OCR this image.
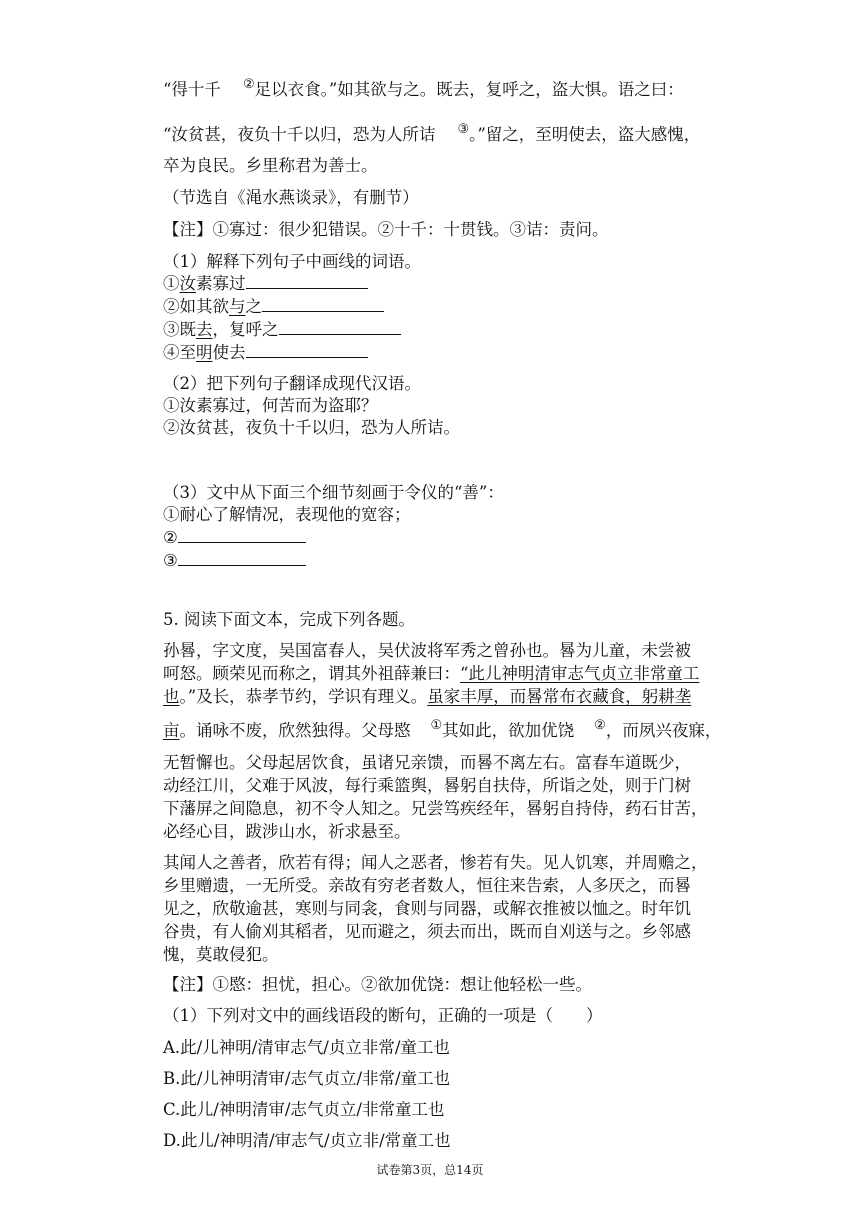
“得十千 ②足以衣食。”如其欲与之。既去，复呼之，盗大惧。语之曰：
“汝贫甚，夜负十千以归，恐为人所诘 ③。”留之，至明使去，盗大感愧，
卒为良民。乡里称君为善士。
（节选自《渑水燕谈录》，有删节）
【注】①寡过：很少犯错误。②十千：十贯钱。③诘：责问。
（1）解释下列句子中画线的词语。
①汝素寡过
②如其欲与之
③既去，复呼之
④至明使去
（2）把下列句子翻译成现代汉语。
①汝素寡过，何苦而为盗耶？
②汝贫甚，夜负十千以归，恐为人所诘。
（3）文中从下面三个细节刻画于令仪的“善”：
①耐心了解情况，表现他的宽容；
②
③
5. 阅读下面文本，完成下列各题。
孙晷，字文度，吴国富春人，吴伏波将军秀之曾孙也。晷为儿童，未尝被
呵怒。顾荣见而称之，谓其外祖薛兼曰：“此儿神明清审志气贞立非常童工
也。”及长，恭孝节约，学识有理义。虽家丰厚，而晷常布衣藏食，躬耕垄
亩。诵咏不废，欣然独得。父母愍 ①其如此，欲加优饶 ②，而夙兴夜寐，
无暂懈也。父母起居饮食，虽诸兄亲馈，而晷不离左右。富春车道既少，
动经江川，父难于风波，每行乘篮舆，晷躬自扶侍，所诣之处，则于门树
下藩屏之间隐息，初不令人知之。兄尝笃疾经年，晷躬自持侍，药石甘苦，
必经心目，跋涉山水，祈求悬至。
其闻人之善者，欣若有得；闻人之恶者，惨若有失。见人饥寒，并周赡之，
乡里赠遗，一无所受。亲故有穷老者数人，恒往来告索，人多厌之，而晷
见之，欣敬逾甚，寒则与同衾，食则与同器，或解衣推被以恤之。时年饥
谷贵，有人偷刈其稻者，见而避之，须去而出，既而自刈送与之。乡邻感
愧，莫敢侵犯。
【注】①愍：担忧，担心。②欲加优饶：想让他轻松一些。
（1）下列对文中的画线语段的断句，正确的一项是（　　）
A.此/儿神明/清审志气/贞立非常/童工也
B.此/儿神明清审/志气贞立/非常/童工也
C.此儿/神明清审/志气贞立/非常童工也
D.此儿/神明清/审志气/贞立非/常童工也
试卷第3页，总14页
